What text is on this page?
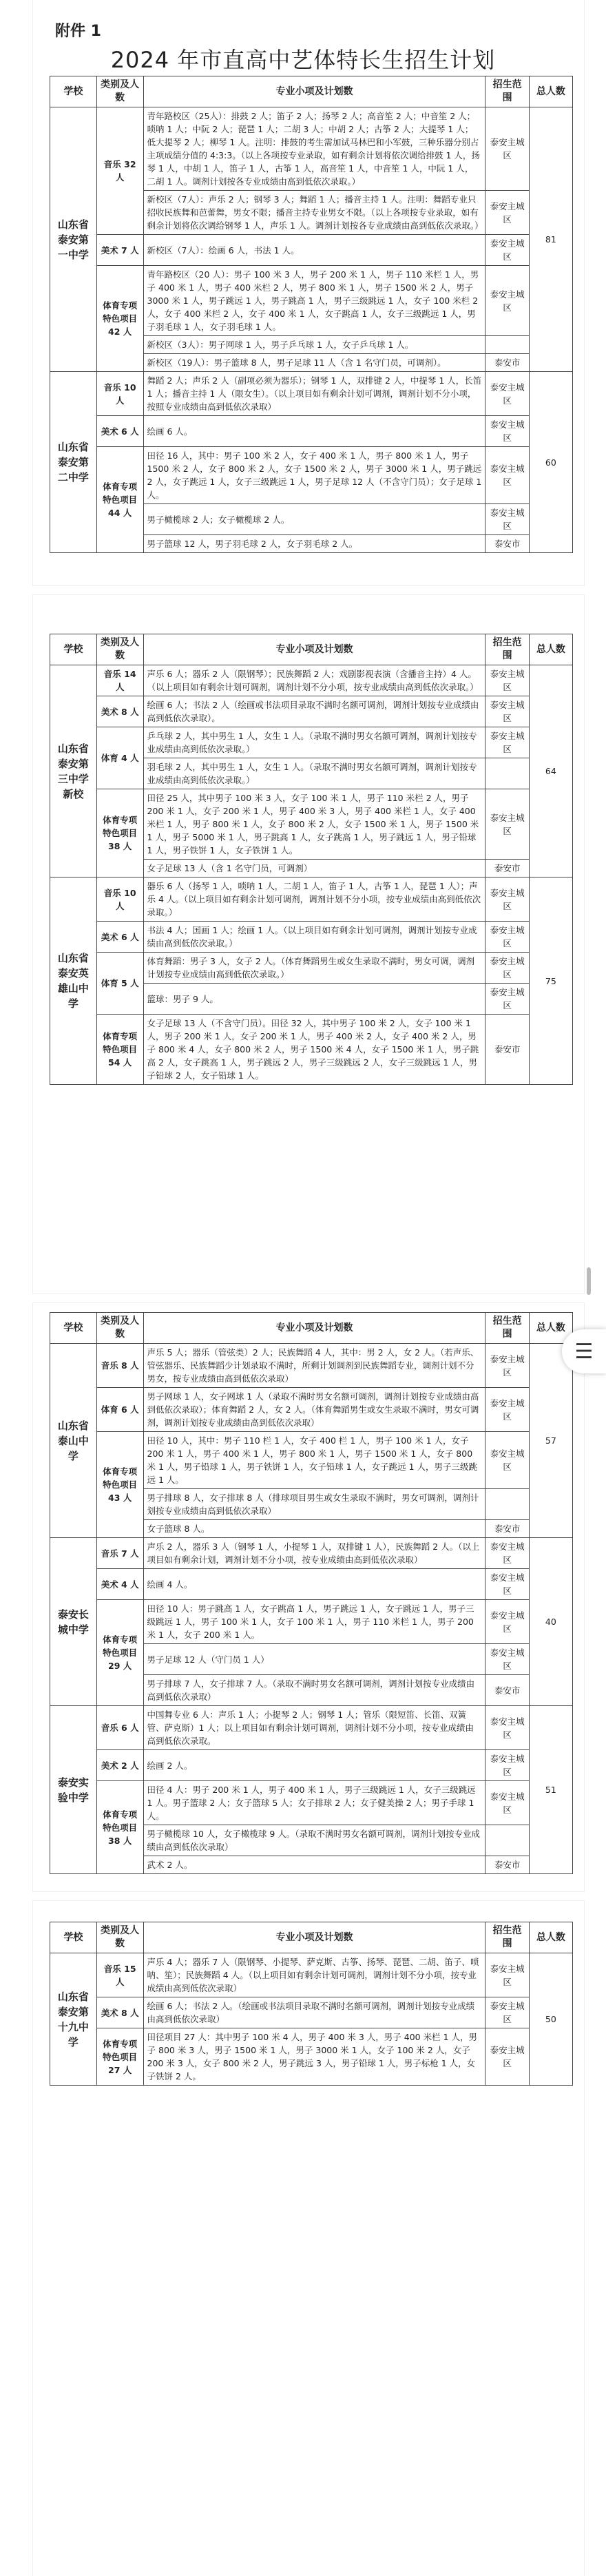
附件 1
2024 年市直高中艺体特长生招生计划
学校	类别及人数	专业小项及计划数	招生范围	总人数
山东省泰安第一中学	音乐 32 人	青年路校区（25人）：排鼓 2 人；笛子 2 人；扬琴 2 人；高音笙 2 人；中音笙 2 人；唢呐 1 人；中阮 2 人；琵琶 1 人；二胡 3 人；中胡 2 人；古筝 2 人；大提琴 1 人；低大提琴 2 人；柳琴 1 人。注明：排鼓的考生需加试马林巴和小军鼓，三种乐器分别占主项成绩分值的 4:3:3。（以上各项按专业录取，如有剩余计划将依次调给排鼓 1 人，扬琴 1 人，中胡 1 人，笛子 1 人，古筝 1 人，高音笙 1 人，中音笙 1 人，中阮 1 人，二胡 1 人。调剂计划按各专业成绩由高到低依次录取。）	泰安主城区	81
		新校区（7人）：声乐 2 人；钢琴 3 人；舞蹈 1 人；播音主持 1 人。注明：舞蹈专业只招收民族舞和芭蕾舞，男女不限；播音主持专业男女不限。（以上各项按专业录取，如有剩余计划将依次调给钢琴 1 人，声乐 1 人。调剂计划按各专业成绩由高到低依次录取。）	泰安主城区	
	美术 7 人	新校区（7人）：绘画 6 人，书法 1 人。	泰安主城区	
	体育专项特色项目 42 人	青年路校区（20 人）：男子 100 米 3 人，男子 200 米 1 人，男子 110 米栏 1 人，男子 400 米 1 人，男子 400 米栏 2 人，男子 800 米 1 人，男子 1500 米 2 人，男子 3000 米 1 人，男子跳远 1 人，男子跳高 1 人，男子三级跳远 1 人，女子 100 米栏 2 人，女子 400 米栏 2 人，女子 400 米 1 人，女子跳高 1 人，女子三级跳远 1 人，男子羽毛球 1 人，女子羽毛球 1 人。	泰安主城区	
		新校区（3人）：男子网球 1 人，男子乒乓球 1 人，女子乒乓球 1 人。		
		新校区（19人）：男子篮球 8 人，男子足球 11 人（含 1 名守门员，可调剂）。	泰安市	
山东省泰安第二中学	音乐 10 人	舞蹈 2 人；声乐 2 人（副项必须为器乐）；钢琴 1 人，双排键 2 人，中提琴 1 人，长笛 1 人；播音主持 1 人（限女生）。（以上项目如有剩余计划可调剂，调剂计划不分小项，按照专业成绩由高到低依次录取）	泰安主城区	60
	美术 6 人	绘画 6 人。	泰安主城区	
	体育专项特色项目 44 人	田径 16 人，其中：男子 100 米 2 人，女子 400 米 1 人，男子 800 米 1 人，男子 1500 米 2 人，女子 800 米 2 人，女子 1500 米 2 人，男子 3000 米 1 人，男子跳远 2 人，女子跳远 1 人，女子三级跳远 1 人，男子足球 12 人（不含守门员）；女子足球 1 人。	泰安主城区	
		男子橄榄球 2 人；女子橄榄球 2 人。	泰安主城区	
		男子篮球 12 人，男子羽毛球 2 人，女子羽毛球 2 人。	泰安市	
学校	类别及人数	专业小项及计划数	招生范围	总人数
山东省泰安第三中学新校	音乐 14 人	声乐 6 人；器乐 2 人（限钢琴）；民族舞蹈 2 人；戏剧影视表演（含播音主持）4 人。（以上项目如有剩余计划可调剂，调剂计划不分小项，按专业成绩由高到低依次录取。）	泰安主城区	64
	美术 8 人	绘画 6 人；书法 2 人（绘画或书法项目录取不满时名额可调剂，调剂计划按专业成绩由高到低依次录取）。	泰安主城区	
	体育 4 人	乒乓球 2 人，其中男生 1 人，女生 1 人。（录取不满时男女名额可调剂，调剂计划按专业成绩由高到低依次录取。）	泰安主城区	
		羽毛球 2 人，其中男生 1 人，女生 1 人。（录取不满时男女名额可调剂，调剂计划按专业成绩由高到低依次录取。）		
	体育专项特色项目 38 人	田径 25 人，其中男子 100 米 3 人，女子 100 米 1 人，男子 110 米栏 2 人，男子 200 米 1 人，女子 200 米 1 人，男子 400 米 3 人，男子 400 米栏 1 人，女子 400 米栏 1 人，男子 800 米 1 人，女子 800 米 2 人，女子 1500 米 1 人，男子 1500 米 1 人，男子 5000 米 1 人，男子跳高 1 人，女子跳高 1 人，男子跳远 1 人，男子铅球 1 人，男子铁饼 1 人，女子铁饼 1 人。	泰安主城区	
		女子足球 13 人（含 1 名守门员，可调剂）	泰安市	
山东省泰安英雄山中学	音乐 10 人	器乐 6 人（扬琴 1 人，唢呐 1 人，二胡 1 人，笛子 1 人，古筝 1 人，琵琶 1 人）；声乐 4 人。（以上项目如有剩余计划可调剂，调剂计划不分小项，按专业成绩由高到低依次录取。）	泰安主城区	75
	美术 6 人	书法 4 人；国画 1 人；绘画 1 人。（以上项目如有剩余计划可调剂，调剂计划按专业成绩由高到低依次录取。）	泰安主城区	
	体育 5 人	体育舞蹈：男子 3 人，女子 2 人。（体育舞蹈男生或女生录取不满时，男女可调，调剂计划按专业成绩由高到低依次录取。）	泰安主城区	
		篮球：男子 9 人。	泰安主城区	
	体育专项特色项目 54 人	女子足球 13 人（不含守门员）。田径 32 人，其中男子 100 米 2 人，女子 100 米 1 人，男子 200 米 1 人，女子 200 米 1 人，男子 400 米 2 人，女子 400 米 2 人，男子 800 米 4 人，女子 800 米 2 人，男子 1500 米 4 人，女子 1500 米 1 人，男子跳高 2 人，女子跳高 1 人，男子跳远 2 人，男子三级跳远 2 人，女子三级跳远 1 人，男子铅球 2 人，女子铅球 1 人。	泰安市	
学校	类别及人数	专业小项及计划数	招生范围	总人数
山东省泰山中学	音乐 8 人	声乐 5 人；器乐（管弦类）2 人；民族舞蹈 4 人，其中：男 2 人，女 2 人。（若声乐、管弦器乐、民族舞蹈少计划录取不满时，所剩计划调剂到民族舞蹈专业，调剂计划不分男女，按专业成绩由高到低依次录取）	泰安主城区	57
	体育 6 人	男子网球 1 人，女子网球 1 人（录取不满时男女名额可调剂，调剂计划按专业成绩由高到低依次录取）；体育舞蹈 2 人，女 2 人。（体育舞蹈男生或女生录取不满时，男女可调剂，调剂计划按专业成绩由高到低依次录取）	泰安主城区	
	体育专项特色项目 43 人	田径 10 人，其中：男子 110 栏 1 人，女子 400 栏 1 人，男子 100 米 1 人，女子 200 米 1 人，男子 400 米 1 人，男子 800 米 1 人，男子 1500 米 1 人，女子 800 米 1 人，男子铅球 1 人，男子铁饼 1 人，女子铅球 1 人，女子跳远 1 人，男子三级跳远 1 人。	泰安主城区	
		男子排球 8 人，女子排球 8 人（排球项目男生或女生录取不满时，男女可调剂，调剂计划按专业成绩由高到低依次录取）		
		女子篮球 8 人。	泰安市	
泰安长城中学	音乐 7 人	声乐 2 人，器乐 3 人（钢琴 1 人，小提琴 1 人，双排键 1 人），民族舞蹈 2 人。（以上项目如有剩余计划，调剂计划不分小项，按专业成绩由高到低依次录取）	泰安主城区	40
	美术 4 人	绘画 4 人。	泰安主城区	
	体育专项特色项目 29 人	田径 10 人：男子跳高 1 人，女子跳高 1 人，男子跳远 1 人，女子跳远 1 人，男子三级跳远 1 人，男子 100 米 1 人，女子 100 米 1 人，男子 110 米栏 1 人，男子 200 米 1 人，女子 200 米 1 人。	泰安主城区	
		男子足球 12 人（守门员 1 人）	泰安主城区	
		男子排球 7 人，女子排球 7 人。（录取不满时男女名额可调剂，调剂计划按专业成绩由高到低依次录取）	泰安市	
泰安实验中学	音乐 6 人	中国舞专业 6 人：声乐 1 人；小提琴 2 人；钢琴 1 人；管乐（限短笛、长笛、双簧管、萨克斯）1 人；以上项目如有剩余计划可调剂，调剂计划不分小项，按专业成绩由高到低依次录取。	泰安主城区	51
	美术 2 人	绘画 2 人。	泰安主城区	
	体育专项特色项目 38 人	田径 4 人：男子 200 米 1 人，男子 400 米 1 人，男子三级跳远 1 人，女子三级跳远 1 人。男子篮球 2 人；女子篮球 5 人；女子排球 2 人；女子健美操 2 人；男子手球 1 人。	泰安主城区	
		男子橄榄球 10 人，女子橄榄球 9 人。（录取不满时男女名额可调剂，调剂计划按专业成绩由高到低依次录取）		
		武术 2 人。	泰安市	
学校	类别及人数	专业小项及计划数	招生范围	总人数
山东省泰安第十九中学	音乐 15 人	声乐 4 人；器乐 7 人（限钢琴、小提琴、萨克斯、古筝、扬琴、琵琶、二胡、笛子、唢呐、笙）；民族舞蹈 4 人。（以上项目如有剩余计划可调剂，调剂计划不分小项，按专业成绩由高到低依次录取）	泰安主城区	50
	美术 8 人	绘画 6 人；书法 2 人。（绘画或书法项目录取不满时名额可调剂，调剂计划按专业成绩由高到低依次录取）	泰安主城区	
	体育专项特色项目 27 人	田径项目 27 人：其中男子 100 米 4 人，男子 400 米 3 人，男子 400 米栏 1 人，男子 800 米 3 人，男子 1500 米 1 人，男子 3000 米 1 人，女子 100 米 2 人，女子 200 米 3 人，女子 800 米 2 人，男子跳远 3 人，男子铅球 1 人，男子标枪 1 人，女子铁饼 2 人。	泰安主城区	
☰
